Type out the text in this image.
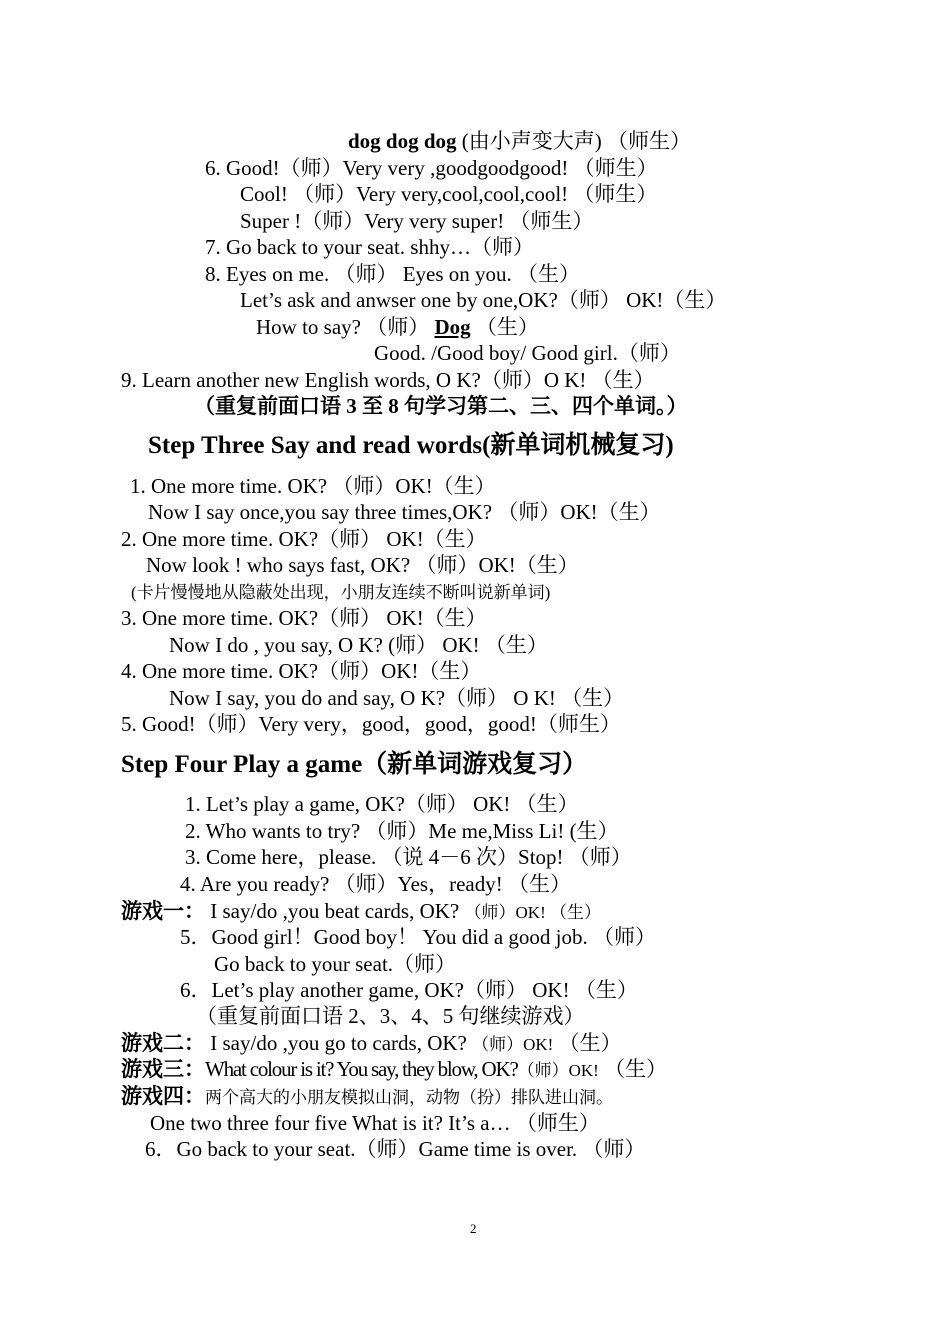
dog dog dog (由小声变大声) （师生）
6. Good!（师）Very very ,goodgoodgood! （师生）
Cool! （师）Very very,cool,cool,cool! （师生）
Super !（师）Very very super! （师生）
7. Go back to your seat. shhy…（师）
8. Eyes on me. （师） Eyes on you. （生）
Let’s ask and anwser one by one,OK?（师） OK!（生）
How to say? （师） Dog （生）
Good. /Good boy/ Good girl.（师）
9. Learn another new English words, O K?（师）O K! （生）
（重复前面口语 3 至 8 句学习第二、三、四个单词。）
Step Three Say and read words(新单词机械复习)
1. One more time. OK? （师）OK!（生）
Now I say once,you say three times,OK? （师）OK!（生）
2. One more time. OK?（师） OK!（生）
Now look ! who says fast, OK? （师）OK!（生）
(卡片慢慢地从隐蔽处出现，小朋友连续不断叫说新单词)
3. One more time. OK?（师） OK!（生）
Now I do , you say, O K? (师） OK! （生）
4. One more time. OK?（师）OK!（生）
Now I say, you do and say, O K?（师） O K! （生）
5. Good!（师）Very very，good，good，good!（师生）
Step Four Play a game（新单词游戏复习）
1. Let’s play a game, OK?（师） OK! （生）
2. Who wants to try? （师）Me me,Miss Li! (生）
3. Come here，please. （说 4－6 次）Stop! （师）
4. Are you ready? （师）Yes，ready! （生）
游戏一： I say/do ,you beat cards, OK? （师）OK! （生）
5．Good girl！Good boy！ You did a good job. （师）
Go back to your seat.（师）
6．Let’s play another game, OK?（师） OK! （生）
（重复前面口语 2、3、4、5 句继续游戏）
游戏二： I say/do ,you go to cards, OK? （师）OK! （生）
游戏三：What colour is it? You say, they blow, OK?（师）OK! （生）
游戏四：两个高大的小朋友模拟山洞，动物（扮）排队进山洞。
One two three four five What is it? It’s a… （师生）
6．Go back to your seat.（师）Game time is over. （师）
2
